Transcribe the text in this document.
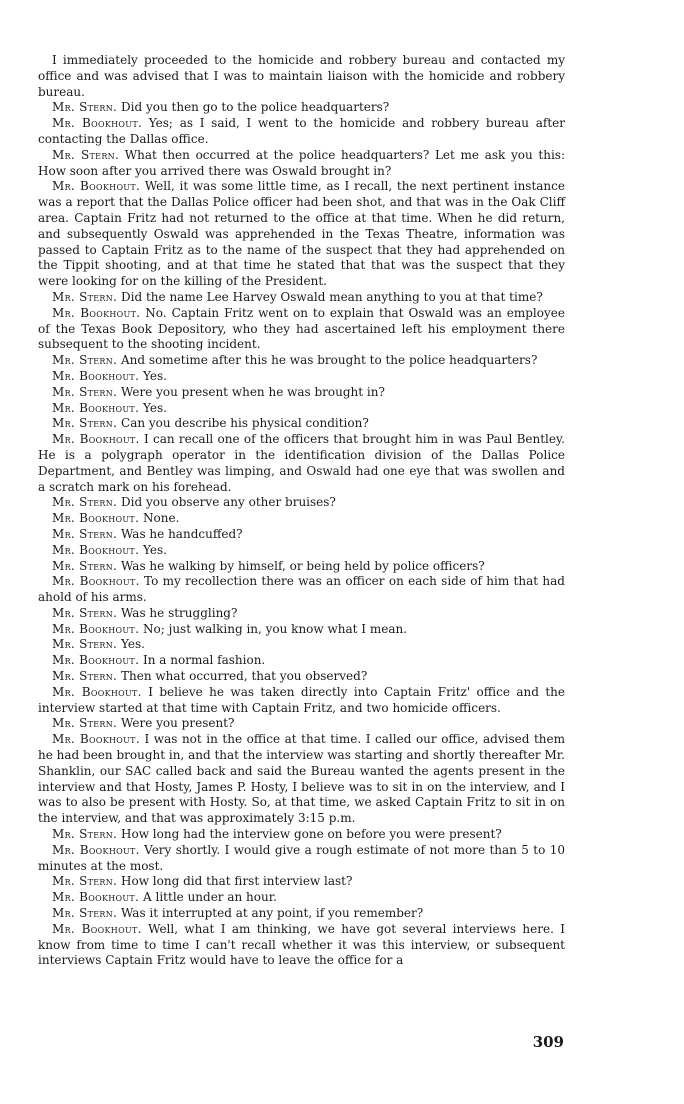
I immediately proceeded to the homicide and robbery bureau and contacted my office and was advised that I was to maintain liaison with the homicide and robbery bureau.

Mr. Stern. Did you then go to the police headquarters?

Mr. Bookhout. Yes; as I said, I went to the homicide and robbery bureau after contacting the Dallas office.

Mr. Stern. What then occurred at the police headquarters? Let me ask you this: How soon after you arrived there was Oswald brought in?

Mr. Bookhout. Well, it was some little time, as I recall, the next pertinent instance was a report that the Dallas Police officer had been shot, and that was in the Oak Cliff area. Captain Fritz had not returned to the office at that time. When he did return, and subsequently Oswald was apprehended in the Texas Theatre, information was passed to Captain Fritz as to the name of the suspect that they had apprehended on the Tippit shooting, and at that time he stated that that was the suspect that they were looking for on the killing of the President.

Mr. Stern. Did the name Lee Harvey Oswald mean anything to you at that time?

Mr. Bookhout. No. Captain Fritz went on to explain that Oswald was an employee of the Texas Book Depository, who they had ascertained left his employment there subsequent to the shooting incident.

Mr. Stern. And sometime after this he was brought to the police headquarters?

Mr. Bookhout. Yes.

Mr. Stern. Were you present when he was brought in?

Mr. Bookhout. Yes.

Mr. Stern. Can you describe his physical condition?

Mr. Bookhout. I can recall one of the officers that brought him in was Paul Bentley. He is a polygraph operator in the identification division of the Dallas Police Department, and Bentley was limping, and Oswald had one eye that was swollen and a scratch mark on his forehead.

Mr. Stern. Did you observe any other bruises?

Mr. Bookhout. None.

Mr. Stern. Was he handcuffed?

Mr. Bookhout. Yes.

Mr. Stern. Was he walking by himself, or being held by police officers?

Mr. Bookhout. To my recollection there was an officer on each side of him that had ahold of his arms.

Mr. Stern. Was he struggling?

Mr. Bookhout. No; just walking in, you know what I mean.

Mr. Stern. Yes.

Mr. Bookhout. In a normal fashion.

Mr. Stern. Then what occurred, that you observed?

Mr. Bookhout. I believe he was taken directly into Captain Fritz' office and the interview started at that time with Captain Fritz, and two homicide officers.

Mr. Stern. Were you present?

Mr. Bookhout. I was not in the office at that time. I called our office, advised them he had been brought in, and that the interview was starting and shortly thereafter Mr. Shanklin, our SAC called back and said the Bureau wanted the agents present in the interview and that Hosty, James P. Hosty, I believe was to sit in on the interview, and I was to also be present with Hosty. So, at that time, we asked Captain Fritz to sit in on the interview, and that was approximately 3:15 p.m.

Mr. Stern. How long had the interview gone on before you were present?

Mr. Bookhout. Very shortly. I would give a rough estimate of not more than 5 to 10 minutes at the most.

Mr. Stern. How long did that first interview last?

Mr. Bookhout. A little under an hour.

Mr. Stern. Was it interrupted at any point, if you remember?

Mr. Bookhout. Well, what I am thinking, we have got several interviews here. I know from time to time I can't recall whether it was this interview, or subsequent interviews Captain Fritz would have to leave the office for a

309
